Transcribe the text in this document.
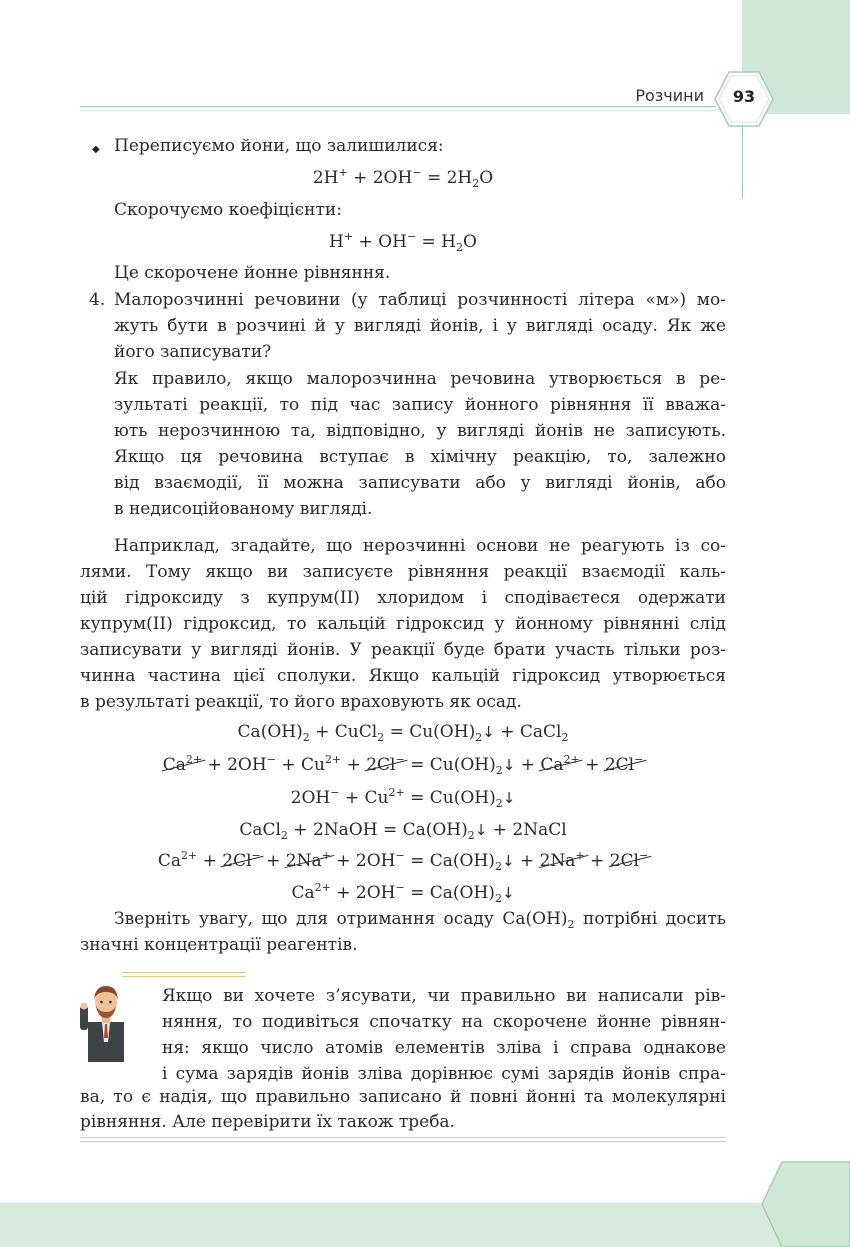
Розчини	93
◆ Переписуємо йони, що залишилися:
$2H^+ + 2OH^- = 2H_2O$
Скорочуємо коефіцієнти:
$H^+ + OH^- = H_2O$
Це скорочене йонне рівняння.
4. Малорозчинні речовини (у таблиці розчинності літера «м») мо-
жуть бути в розчині й у вигляді йонів, і у вигляді осаду. Як же
його записувати?
Як правило, якщо малорозчинна речовина утворюється в ре-
зультаті реакції, то під час запису йонного рівняння її вважа-
ють нерозчинною та, відповідно, у вигляді йонів не записують.
Якщо ця речовина вступає в хімічну реакцію, то, залежно
від взаємодії, її можна записувати або у вигляді йонів, або
в недисоційованому вигляді.
Наприклад, згадайте, що нерозчинні основи не реагують із со-
лями. Тому якщо ви записуєте рівняння реакції взаємодії каль-
цій гідроксиду з купрум(II) хлоридом і сподіваєтеся одержати
купрум(II) гідроксид, то кальцій гідроксид у йонному рівнянні слід
записувати у вигляді йонів. У реакції буде брати участь тільки роз-
чинна частина цієї сполуки. Якщо кальцій гідроксид утворюється
в результаті реакції, то його враховують як осад.
$Ca(OH)_2$ + CuCl$_2$ = $Cu(OH)_2↓$ + CaCl$_2$
$Ca^{2+} + 2OH^- + Cu^{2+} + 2Cl^-$ = $Cu(OH)_2↓ + Ca^{2+} + 2Cl^-$
$2OH^- + Cu^{2+}$ = $Cu(OH)_2↓$
CaCl$_2$ + 2NaOH = $Ca(OH)_2↓$ + 2NaCl
$Ca^{2+} + 2Cl^- + 2Na^+ + 2OH^-$ = $Ca(OH)_2↓ + 2Na^+ + 2Cl^-$
$Ca^{2+} + 2OH^-$ = $Ca(OH)_2↓$
Зверніть увагу, що для отримання осаду $Ca(OH)_2$ потрібні досить
значні концентрації реагентів.
Якщо ви хочете з’ясувати, чи правильно ви написали рів-
няння, то подивіться спочатку на скорочене йонне рівнян-
ня: якщо число атомів елементів зліва і справа однакове
і сума зарядів йонів зліва дорівнює сумі зарядів йонів спра-
ва, то є надія, що правильно записано й повні йонні та молекулярні
рівняння. Але перевірити їх також треба.
